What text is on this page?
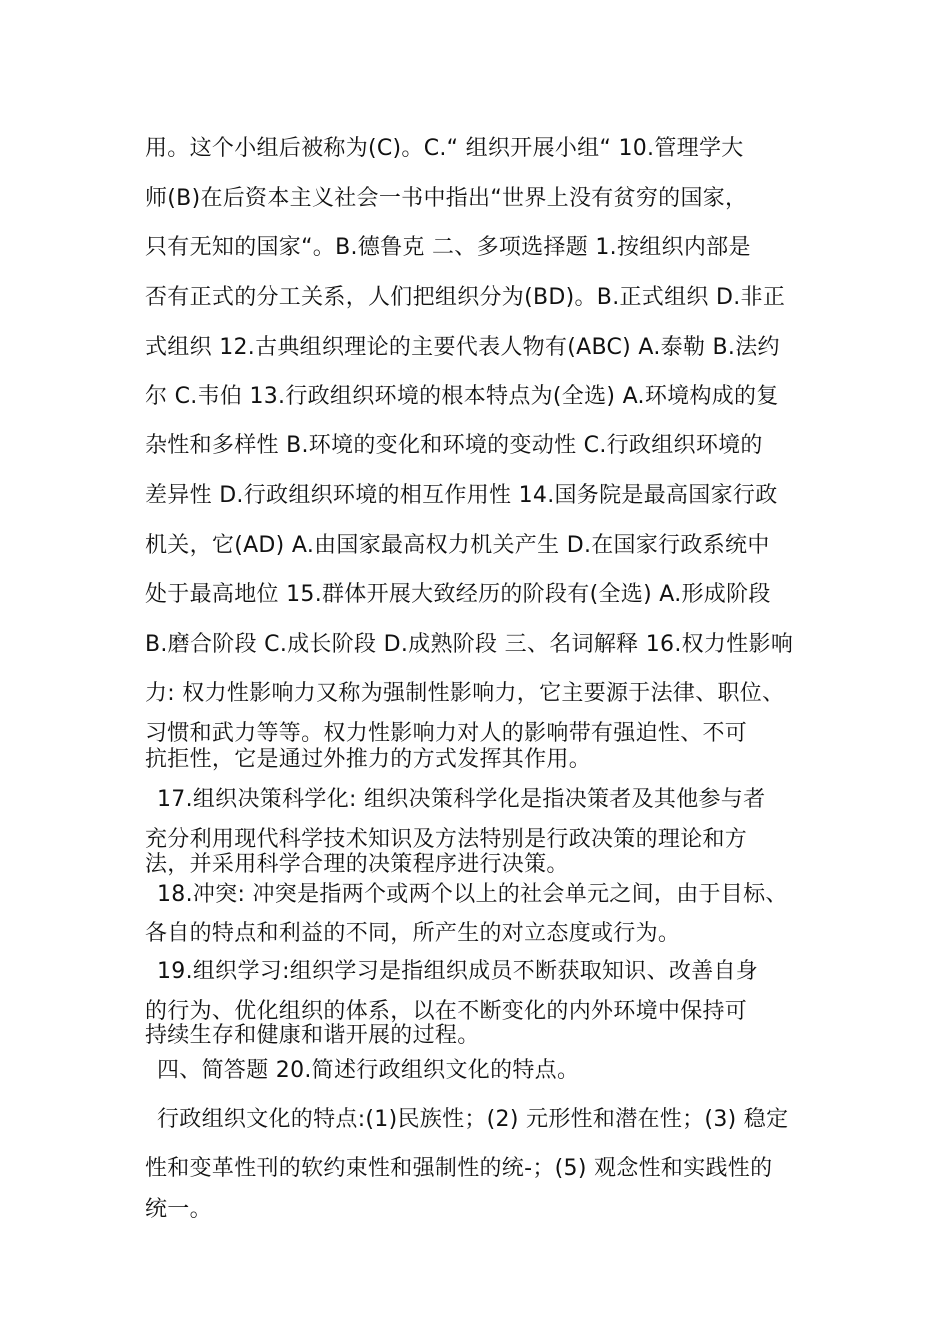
用。这个小组后被称为(C)。C.“ 组织开展小组“ 10.管理学大
师(B)在后资本主义社会一书中指出“世界上没有贫穷的国家，
只有无知的国家“。B.德鲁克 二、多项选择题 1.按组织内部是
否有正式的分工关系，人们把组织分为(BD)。B.正式组织 D.非正
式组织 12.古典组织理论的主要代表人物有(ABC) A.泰勒 B.法约
尔 C.韦伯 13.行政组织环境的根本特点为(全选) A.环境构成的复
杂性和多样性 B.环境的变化和环境的变动性 C.行政组织环境的
差异性 D.行政组织环境的相互作用性 14.国务院是最高国家行政
机关，它(AD) A.由国家最高权力机关产生 D.在国家行政系统中
处于最高地位 15.群体开展大致经历的阶段有(全选) A.形成阶段
B.磨合阶段 C.成长阶段 D.成熟阶段 三、名词解释 16.权力性影响
力: 权力性影响力又称为强制性影响力，它主要源于法律、职位、
习惯和武力等等。权力性影响力对人的影响带有强迫性、不可
抗拒性，它是通过外推力的方式发挥其作用。
17.组织决策科学化: 组织决策科学化是指决策者及其他参与者
充分利用现代科学技术知识及方法特别是行政决策的理论和方
法，并采用科学合理的决策程序进行决策。
18.冲突: 冲突是指两个或两个以上的社会单元之间，由于目标、
各自的特点和利益的不同，所产生的对立态度或行为。
19.组织学习:组织学习是指组织成员不断获取知识、改善自身
的行为、优化组织的体系，以在不断变化的内外环境中保持可
持续生存和健康和谐开展的过程。
四、简答题 20.简述行政组织文化的特点。
行政组织文化的特点:(1)民族性；(2) 元形性和潜在性；(3) 稳定
性和变革性刊的软约束性和强制性的统-；(5) 观念性和实践性的
统一。
